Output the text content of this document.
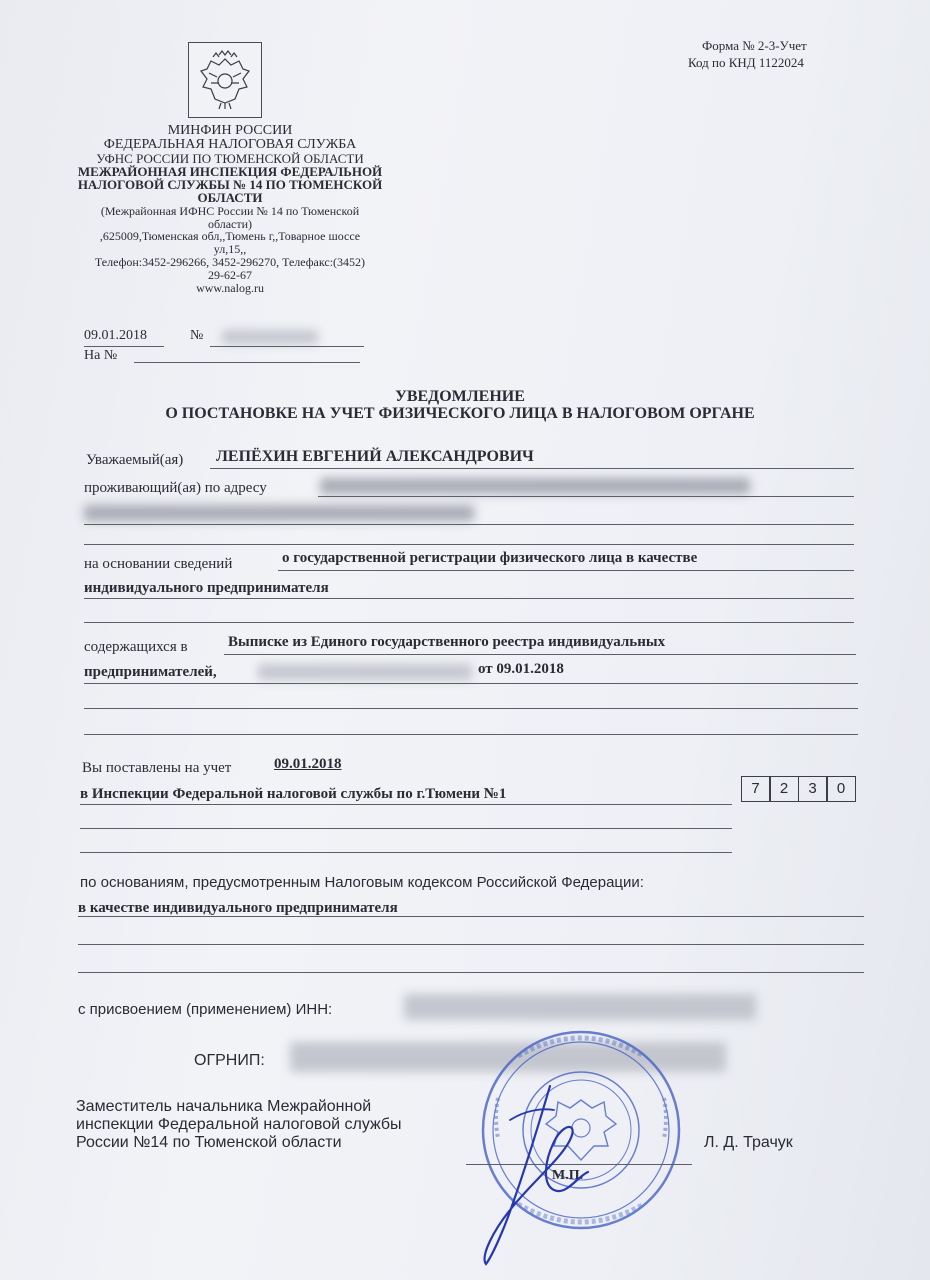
Форма № 2-3-Учет
Код по КНД 1122024
МИНФИН РОССИИ
ФЕДЕРАЛЬНАЯ НАЛОГОВАЯ СЛУЖБА
УФНС РОССИИ ПО ТЮМЕНСКОЙ ОБЛАСТИ
МЕЖРАЙОННАЯ ИНСПЕКЦИЯ ФЕДЕРАЛЬНОЙ
НАЛОГОВОЙ СЛУЖБЫ № 14 ПО ТЮМЕНСКОЙ
ОБЛАСТИ
(Межрайонная ИФНС России № 14 по Тюменской
области)
,625009,Тюменская обл,,Тюмень г,,Товарное шоссе
ул,15,,
Телефон:3452-296266, 3452-296270, Телефакс:(3452)
29-62-67
www.nalog.ru
09.01.2018	№
На №
УВЕДОМЛЕНИЕ
О ПОСТАНОВКЕ НА УЧЕТ ФИЗИЧЕСКОГО ЛИЦА В НАЛОГОВОМ ОРГАНЕ
Уважаемый(ая) ЛЕПЁХИН ЕВГЕНИЙ АЛЕКСАНДРОВИЧ
проживающий(ая) по адресу
на основании сведений	о государственной регистрации физического лица в качестве
индивидуального предпринимателя
содержащихся в	Выписке из Единого государственного реестра индивидуальных
предпринимателей,	от 09.01.2018
Вы поставлены на учет	09.01.2018
в Инспекции Федеральной налоговой службы по г.Тюмени №1	7	2	3	0
по основаниям, предусмотренным Налоговым кодексом Российской Федерации:
в качестве индивидуального предпринимателя
с присвоением (применением) ИНН:
ОГРНИП:
Заместитель начальника Межрайонной
инспекции Федеральной налоговой службы
России №14 по Тюменской области	Л. Д. Трачук
М.П.
